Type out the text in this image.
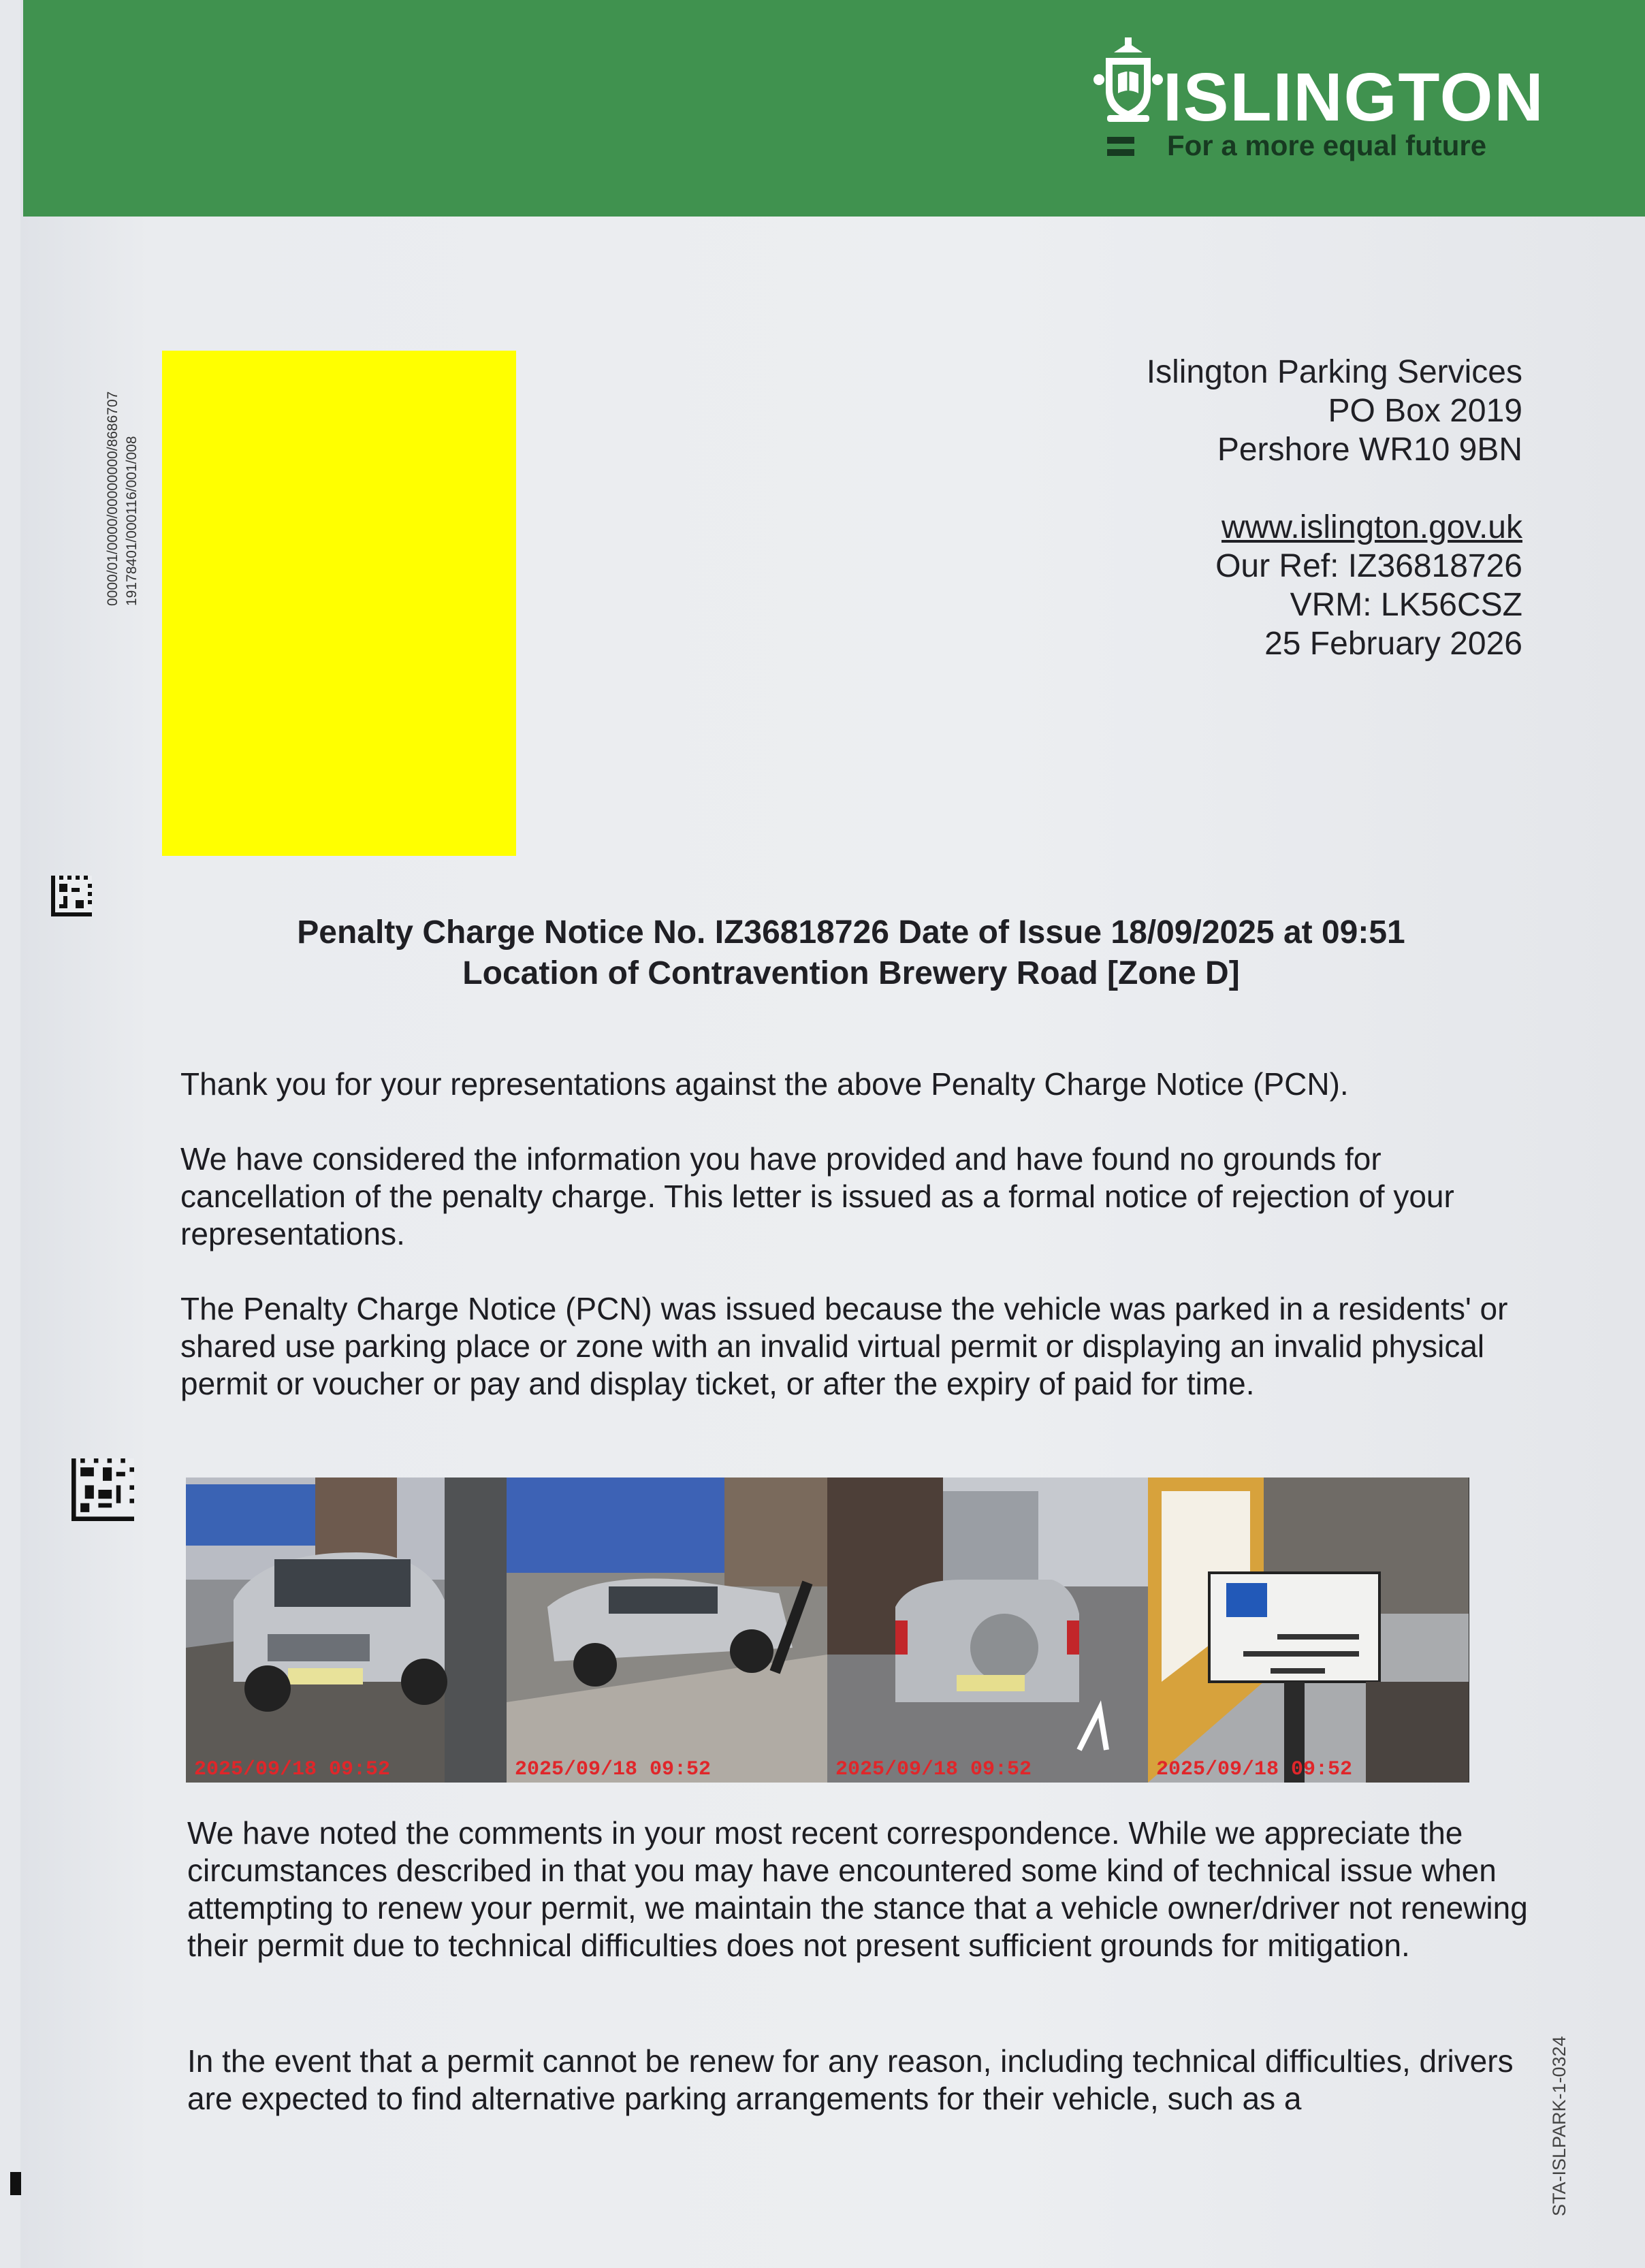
ISLINGTON
For a more equal future
0000/01/0000/00000000/8686707 19178401/000116/001/008
Islington Parking Services
PO Box 2019
Pershore WR10 9BN
www.islington.gov.uk
Our Ref: IZ36818726
VRM: LK56CSZ
25 February 2026
Penalty Charge Notice No. IZ36818726 Date of Issue 18/09/2025 at 09:51
Location of Contravention Brewery Road [Zone D]
Thank you for your representations against the above Penalty Charge Notice (PCN).
We have considered the information you have provided and have found no grounds for cancellation of the penalty charge. This letter is issued as a formal notice of rejection of your representations.
The Penalty Charge Notice (PCN) was issued because the vehicle was parked in a residents' or shared use parking place or zone with an invalid virtual permit or displaying an invalid physical permit or voucher or pay and display ticket, or after the expiry of paid for time.
2025/09/18 09:52	2025/09/18 09:52	2025/09/18 09:52	2025/09/18 09:52
We have noted the comments in your most recent correspondence. While we appreciate the circumstances described in that you may have encountered some kind of technical issue when attempting to renew your permit, we maintain the stance that a vehicle owner/driver not renewing their permit due to technical difficulties does not present sufficient grounds for mitigation.
In the event that a permit cannot be renew for any reason, including technical difficulties, drivers are expected to find alternative parking arrangements for their vehicle, such as a	STA-ISLPARK-1-0324
